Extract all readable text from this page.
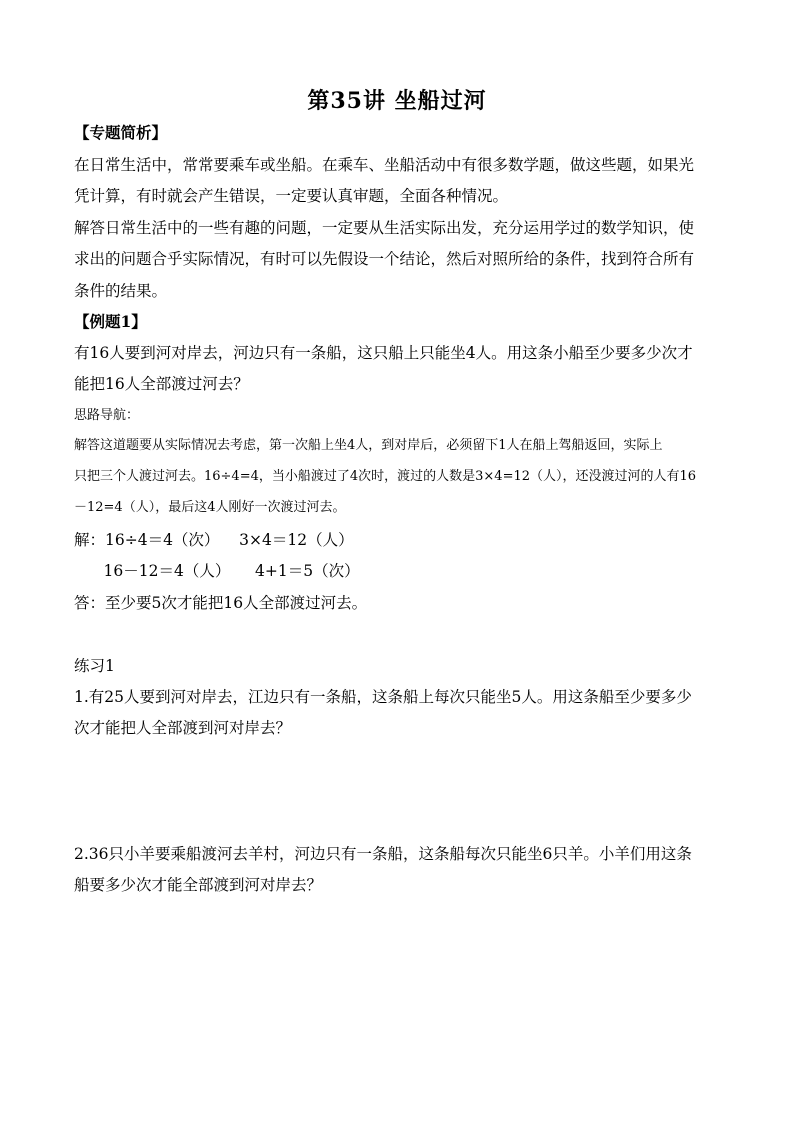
第35讲 坐船过河
【专题简析】
在日常生活中，常常要乘车或坐船。在乘车、坐船活动中有很多数学题，做这些题，如果光
凭计算，有时就会产生错误，一定要认真审题，全面各种情况。
解答日常生活中的一些有趣的问题，一定要从生活实际出发，充分运用学过的数学知识，使
求出的问题合乎实际情况，有时可以先假设一个结论，然后对照所给的条件，找到符合所有
条件的结果。
【例题1】
有16人要到河对岸去，河边只有一条船，这只船上只能坐4人。用这条小船至少要多少次才
能把16人全部渡过河去？
思路导航：
解答这道题要从实际情况去考虑，第一次船上坐4人，到对岸后，必须留下1人在船上驾船返回，实际上
只把三个人渡过河去。16÷4=4，当小船渡过了4次时，渡过的人数是3×4=12（人），还没渡过河的人有16
－12=4（人），最后这4人刚好一次渡过河去。
解：16÷4＝4（次）    3×4＝12（人）
16－12＝4（人）     4+1＝5（次）
答：至少要5次才能把16人全部渡过河去。
练习1
1.有25人要到河对岸去，江边只有一条船，这条船上每次只能坐5人。用这条船至少要多少
次才能把人全部渡到河对岸去？
2.36只小羊要乘船渡河去羊村，河边只有一条船，这条船每次只能坐6只羊。小羊们用这条
船要多少次才能全部渡到河对岸去？
